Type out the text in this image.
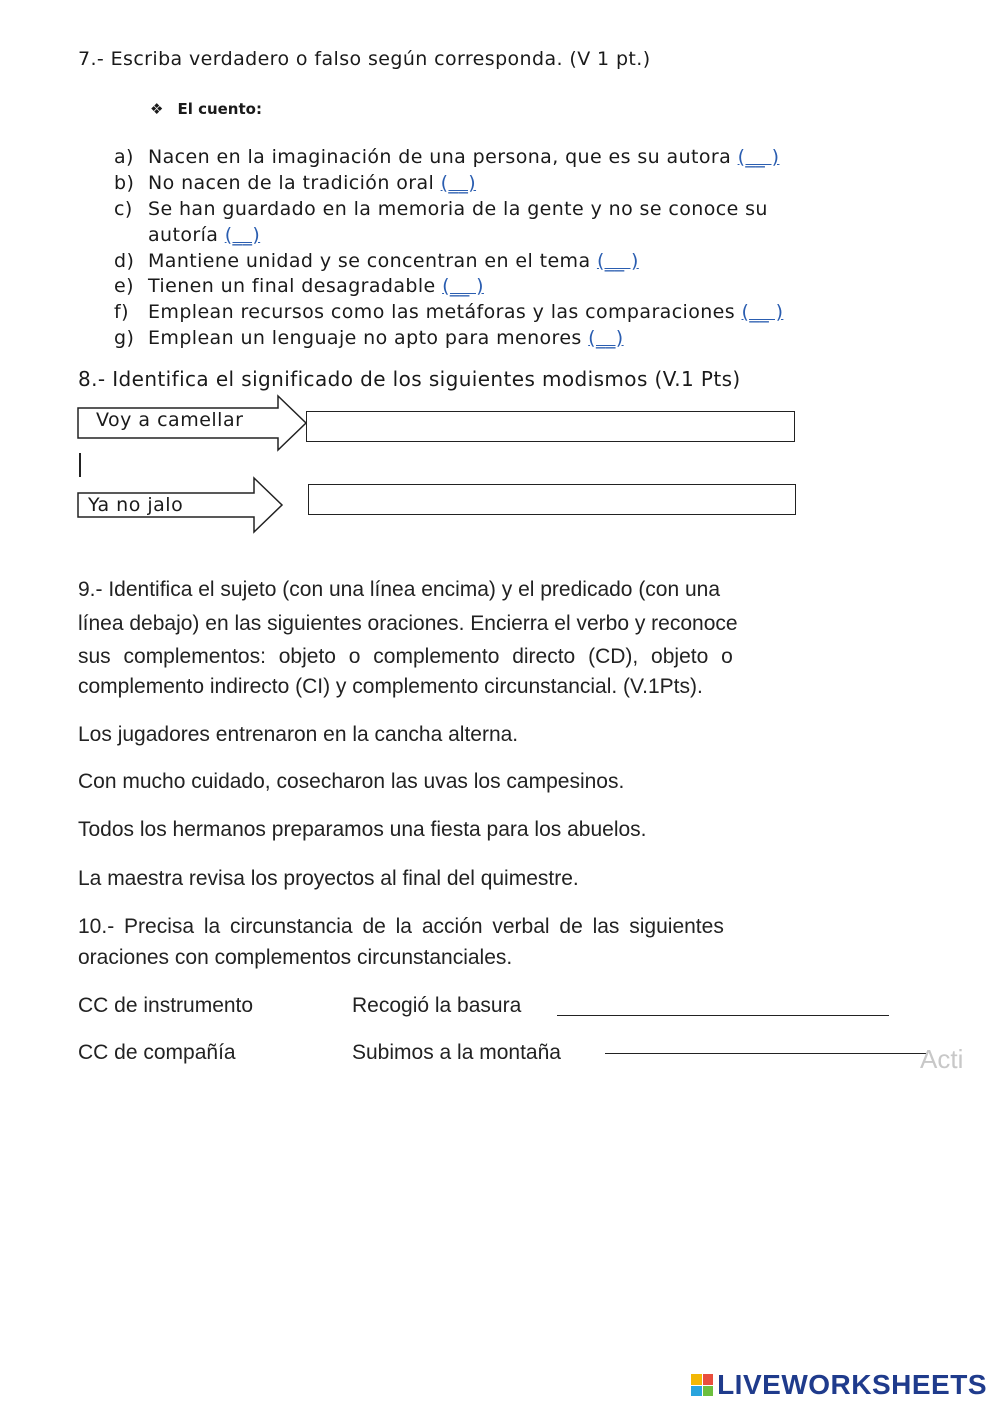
7.- Escriba verdadero o falso según corresponda. (V 1 pt.)
❖ El cuento:
a) Nacen en la imaginación de una persona, que es su autora (__ )
b) No nacen de la tradición oral (__)
c) Se han guardado en la memoria de la gente y no se conoce su
autoría (__)
d) Mantiene unidad y se concentran en el tema (__ )
e) Tienen un final desagradable (__ )
f) Emplean recursos como las metáforas y las comparaciones (__ )
g) Emplean un lenguaje no apto para menores (__)
8.- Identifica el significado de los siguientes modismos (V.1 Pts)
Voy a camellar
Ya no jalo
9.- Identifica el sujeto (con una línea encima) y el predicado (con una
línea debajo) en las siguientes oraciones. Encierra el verbo y reconoce
sus complementos: objeto o complemento directo (CD), objeto o
complemento indirecto (CI) y complemento circunstancial. (V.1Pts).
Los jugadores entrenaron en la cancha alterna.
Con mucho cuidado, cosecharon las uvas los campesinos.
Todos los hermanos preparamos una fiesta para los abuelos.
La maestra revisa los proyectos al final del quimestre.
10.- Precisa la circunstancia de la acción verbal de las siguientes
oraciones con complementos circunstanciales.
CC de instrumento	Recogió la basura
CC de compañía	Subimos a la montaña	Acti
LIVEWORKSHEETS
